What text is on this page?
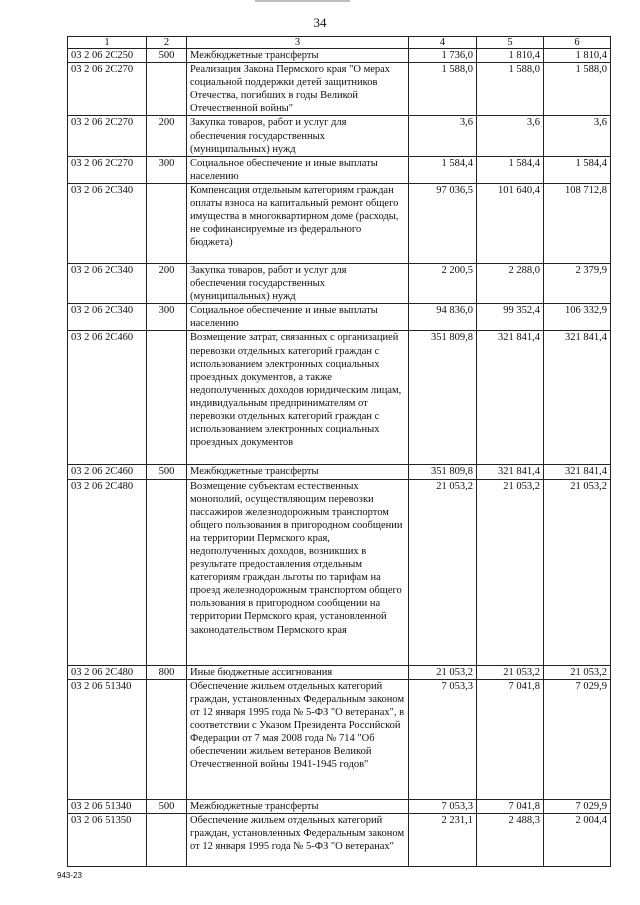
34
1	2	3	4	5	6
03 2 06 2С250	500	Межбюджетные трансферты	1 736,0	1 810,4	1 810,4
03 2 06 2С270		Реализация Закона Пермского края "О мерах социальной поддержки детей защитников Отечества, погибших в годы Великой Отечественной войны"	1 588,0	1 588,0	1 588,0
03 2 06 2С270	200	Закупка товаров, работ и услуг для обеспечения государственных (муниципальных) нужд	3,6	3,6	3,6
03 2 06 2С270	300	Социальное обеспечение и иные выплаты населению	1 584,4	1 584,4	1 584,4
03 2 06 2С340		Компенсация отдельным категориям граждан оплаты взноса на капитальный ремонт общего имущества в многоквартирном доме (расходы, не софинансируемые из федерального бюджета)	97 036,5	101 640,4	108 712,8
03 2 06 2С340	200	Закупка товаров, работ и услуг для обеспечения государственных (муниципальных) нужд	2 200,5	2 288,0	2 379,9
03 2 06 2С340	300	Социальное обеспечение и иные выплаты населению	94 836,0	99 352,4	106 332,9
03 2 06 2С460		Возмещение затрат, связанных с организацией перевозки отдельных категорий граждан с использованием электронных социальных проездных документов, а также недополученных доходов юридическим лицам, индивидуальным предпринимателям от перевозки отдельных категорий граждан с использованием электронных социальных проездных документов	351 809,8	321 841,4	321 841,4
03 2 06 2С460	500	Межбюджетные трансферты	351 809,8	321 841,4	321 841,4
03 2 06 2С480		Возмещение субъектам естественных монополий, осуществляющим перевозки пассажиров железнодорожным транспортом общего пользования в пригородном сообщении на территории Пермского края, недополученных доходов, возникших в результате предоставления отдельным категориям граждан льготы по тарифам на проезд железнодорожным транспортом общего пользования в пригородном сообщении на территории Пермского края, установленной законодательством Пермского края	21 053,2	21 053,2	21 053,2
03 2 06 2С480	800	Иные бюджетные ассигнования	21 053,2	21 053,2	21 053,2
03 2 06 51340		Обеспечение жильем отдельных категорий граждан, установленных Федеральным законом от 12 января 1995 года № 5-ФЗ "О ветеранах", в соответствии с Указом Президента Российской Федерации от 7 мая 2008 года № 714 "Об обеспечении жильем ветеранов Великой Отечественной войны 1941-1945 годов"	7 053,3	7 041,8	7 029,9
03 2 06 51340	500	Межбюджетные трансферты	7 053,3	7 041,8	7 029,9
03 2 06 51350		Обеспечение жильем отдельных категорий граждан, установленных Федеральным законом от 12 января 1995 года № 5-ФЗ "О ветеранах"	2 231,1	2 488,3	2 004,4
943-23
